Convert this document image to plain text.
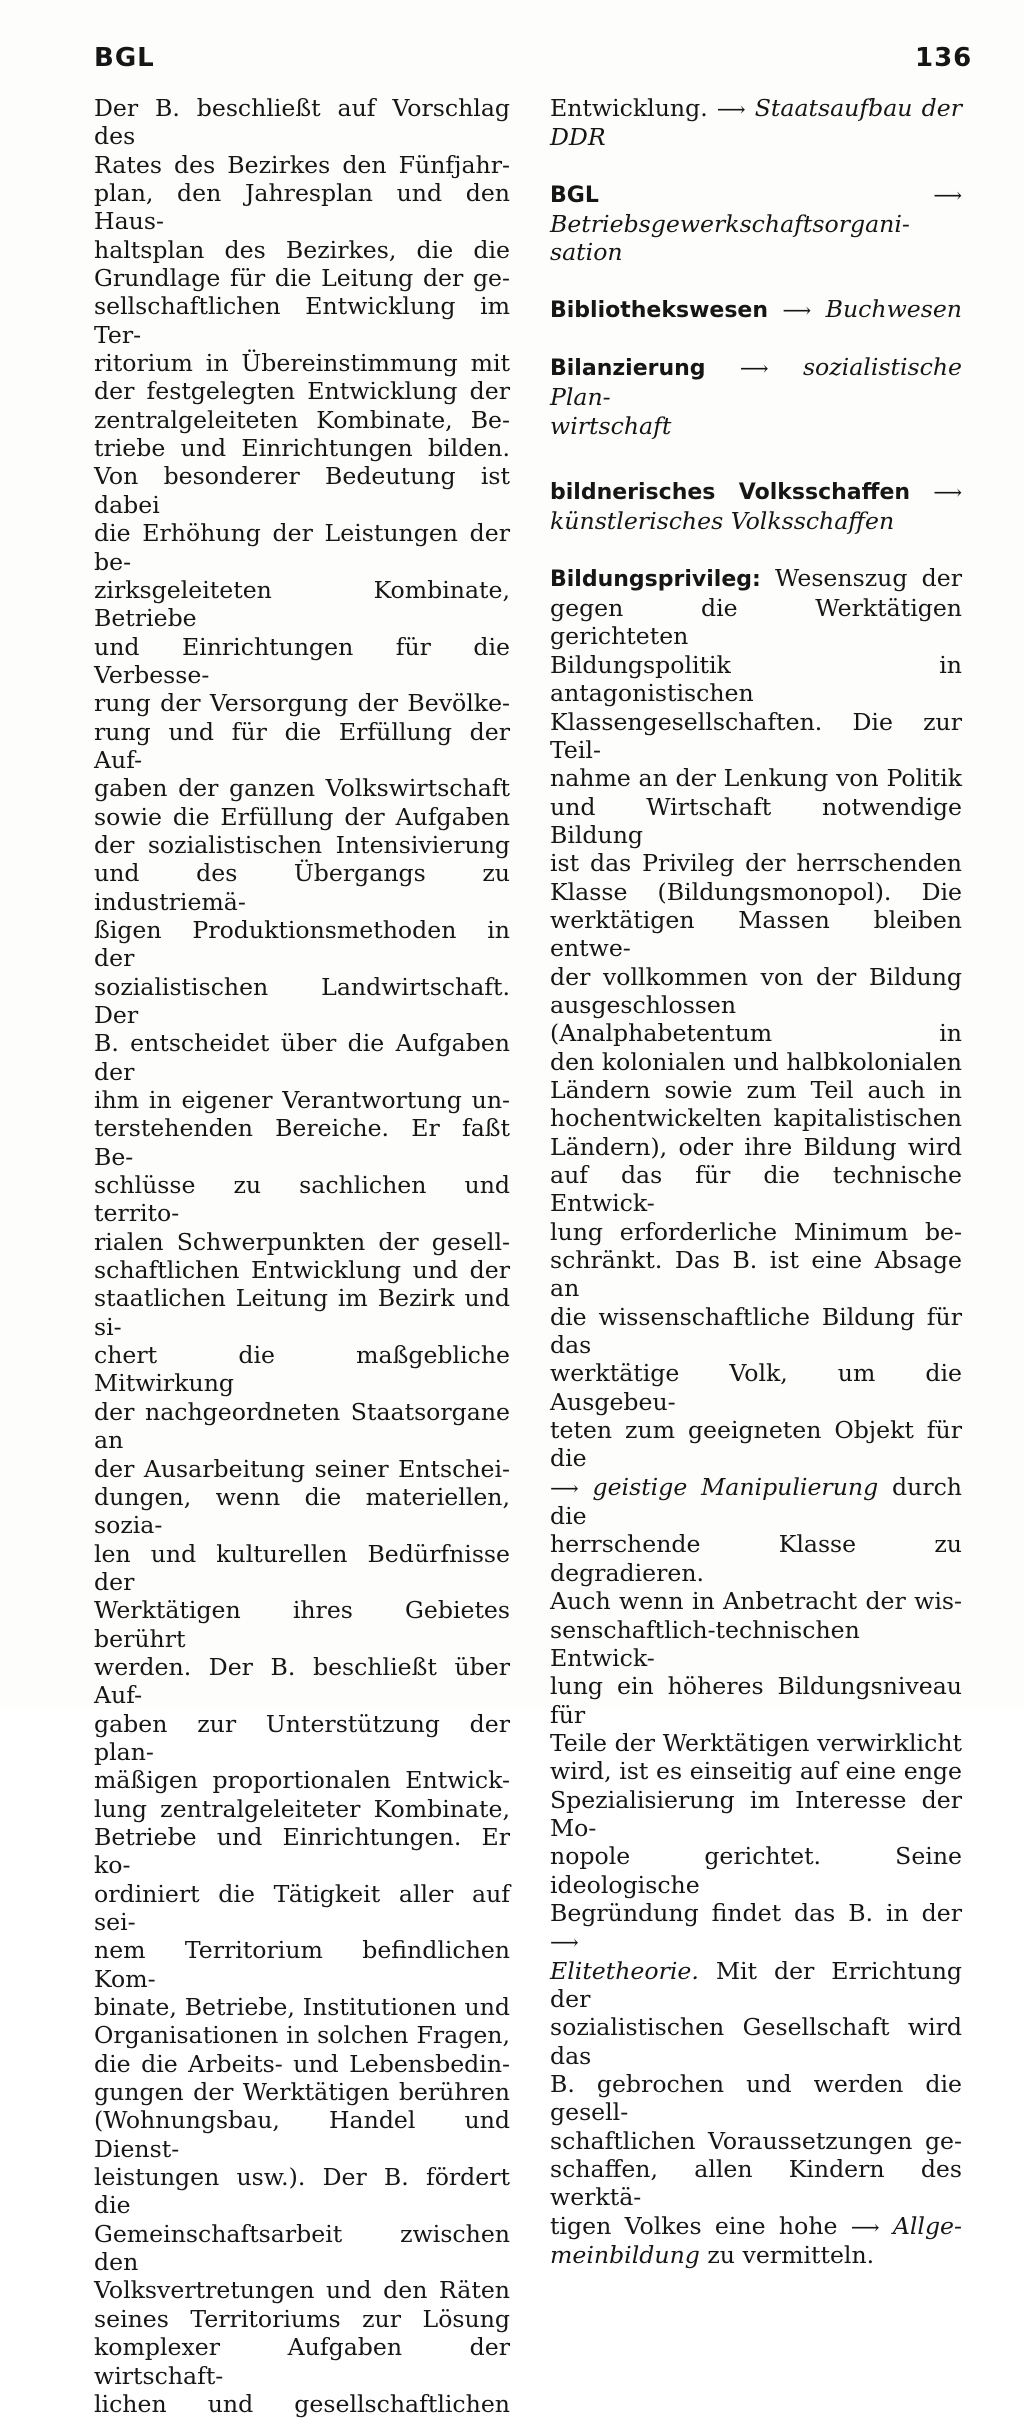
BGL	136
Der B. beschließt auf Vorschlag des
Rates des Bezirkes den Fünfjahr-
plan, den Jahresplan und den Haus-
haltsplan des Bezirkes, die die
Grundlage für die Leitung der ge-
sellschaftlichen Entwicklung im Ter-
ritorium in Übereinstimmung mit
der festgelegten Entwicklung der
zentralgeleiteten Kombinate, Be-
triebe und Einrichtungen bilden.
Von besonderer Bedeutung ist dabei
die Erhöhung der Leistungen der be-
zirksgeleiteten Kombinate, Betriebe
und Einrichtungen für die Verbesse-
rung der Versorgung der Bevölke-
rung und für die Erfüllung der Auf-
gaben der ganzen Volkswirtschaft
sowie die Erfüllung der Aufgaben
der sozialistischen Intensivierung
und des Übergangs zu industriemä-
ßigen Produktionsmethoden in der
sozialistischen Landwirtschaft. Der
B. entscheidet über die Aufgaben der
ihm in eigener Verantwortung un-
terstehenden Bereiche. Er faßt Be-
schlüsse zu sachlichen und territo-
rialen Schwerpunkten der gesell-
schaftlichen Entwicklung und der
staatlichen Leitung im Bezirk und si-
chert die maßgebliche Mitwirkung
der nachgeordneten Staatsorgane an
der Ausarbeitung seiner Entschei-
dungen, wenn die materiellen, sozia-
len und kulturellen Bedürfnisse der
Werktätigen ihres Gebietes berührt
werden. Der B. beschließt über Auf-
gaben zur Unterstützung der plan-
mäßigen proportionalen Entwick-
lung zentralgeleiteter Kombinate,
Betriebe und Einrichtungen. Er ko-
ordiniert die Tätigkeit aller auf sei-
nem Territorium befindlichen Kom-
binate, Betriebe, Institutionen und
Organisationen in solchen Fragen,
die die Arbeits- und Lebensbedin-
gungen der Werktätigen berühren
(Wohnungsbau, Handel und Dienst-
leistungen usw.). Der B. fördert die
Gemeinschaftsarbeit zwischen den
Volksvertretungen und den Räten
seines Territoriums zur Lösung
komplexer Aufgaben der wirtschaft-
lichen und gesellschaftlichen
Entwicklung. ⟶ Staatsaufbau der DDR
BGL	⟶ Betriebsgewerkschaftsorgani-
sation
Bibliothekswesen ⟶ Buchwesen
Bilanzierung ⟶ sozialistische Plan-
wirtschaft
bildnerisches Volksschaffen ⟶
künstlerisches Volksschaffen
Bildungsprivileg: Wesenszug der
gegen die Werktätigen gerichteten
Bildungspolitik in antagonistischen
Klassengesellschaften. Die zur Teil-
nahme an der Lenkung von Politik
und Wirtschaft notwendige Bildung
ist das Privileg der herrschenden
Klasse (Bildungsmonopol). Die
werktätigen Massen bleiben entwe-
der vollkommen von der Bildung
ausgeschlossen (Analphabetentum in
den kolonialen und halbkolonialen
Ländern sowie zum Teil auch in
hochentwickelten kapitalistischen
Ländern), oder ihre Bildung wird
auf das für die technische Entwick-
lung erforderliche Minimum be-
schränkt. Das B. ist eine Absage an
die wissenschaftliche Bildung für das
werktätige Volk, um die Ausgebeu-
teten zum geeigneten Objekt für die
⟶ geistige Manipulierung durch die
herrschende Klasse zu degradieren.
Auch wenn in Anbetracht der wis-
senschaftlich-technischen Entwick-
lung ein höheres Bildungsniveau für
Teile der Werktätigen verwirklicht
wird, ist es einseitig auf eine enge
Spezialisierung im Interesse der Mo-
nopole gerichtet. Seine ideologische
Begründung findet das B. in der ⟶
Elitetheorie. Mit der Errichtung der
sozialistischen Gesellschaft wird das
B. gebrochen und werden die gesell-
schaftlichen Voraussetzungen ge-
schaffen, allen Kindern des werktä-
tigen Volkes eine hohe ⟶ Allge-
meinbildung zu vermitteln.
